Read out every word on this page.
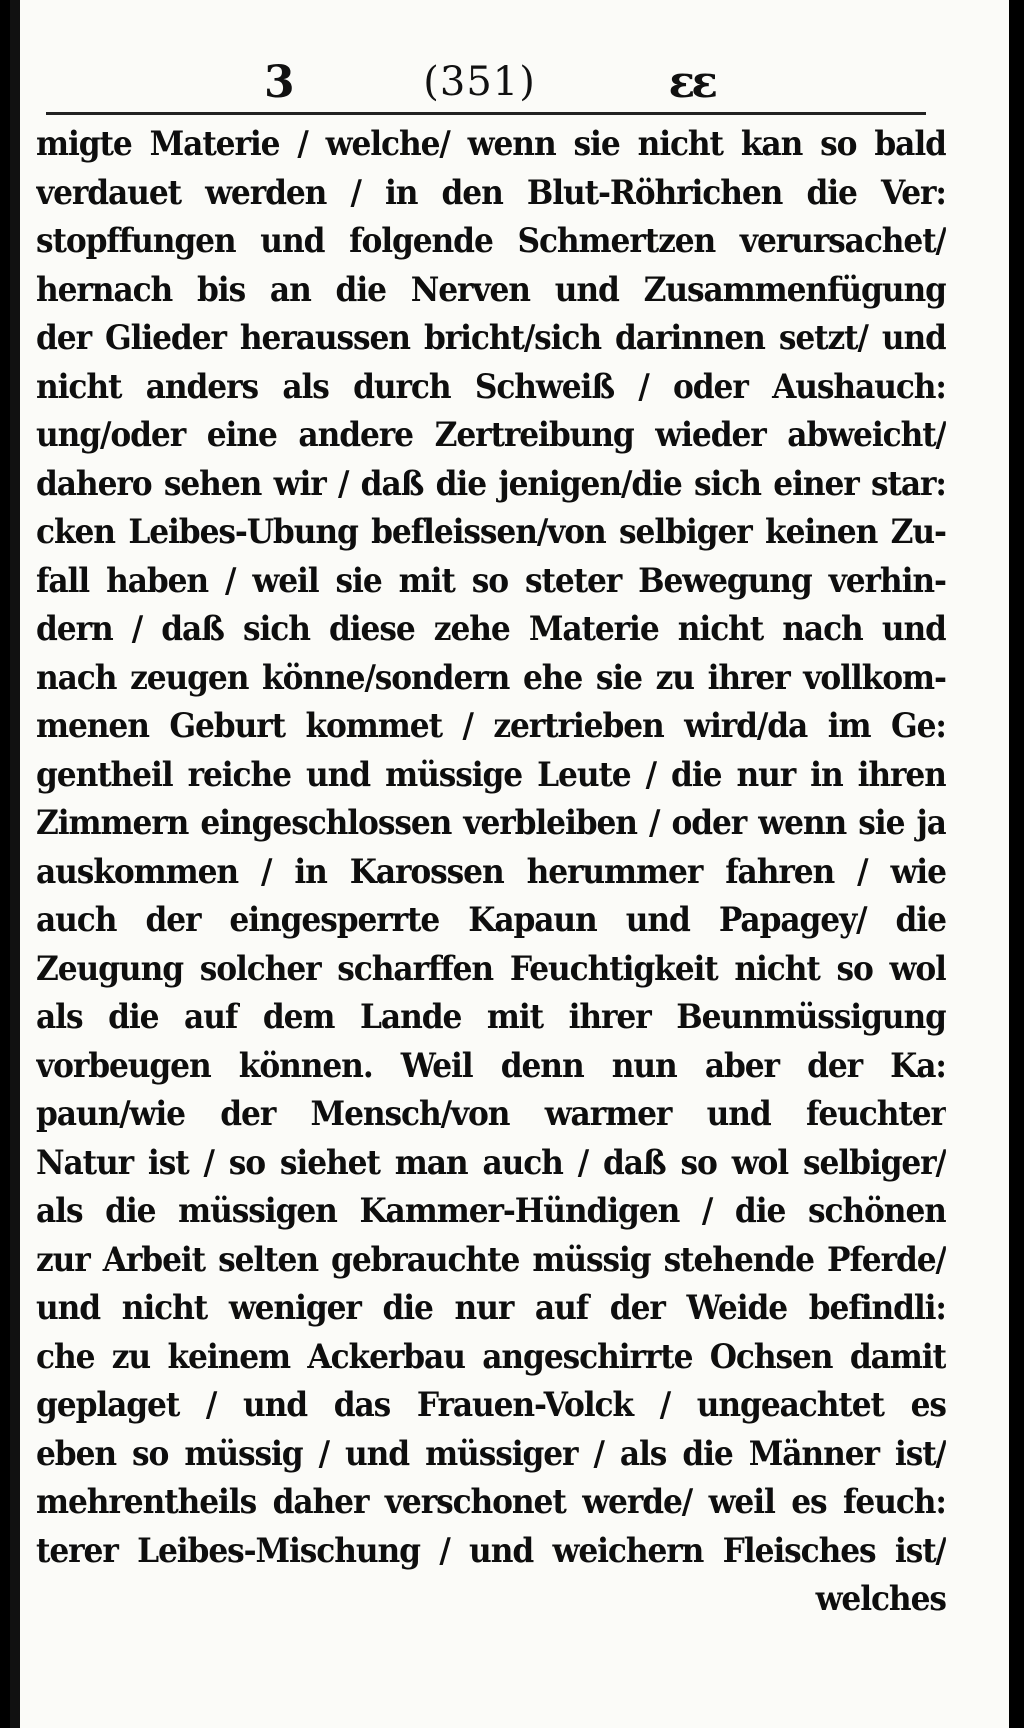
3	(351)	ɛɛ
migte Materie / welche/ wenn sie nicht kan so bald
verdauet werden / in den Blut-Röhrichen die Ver:
stopffungen und folgende Schmertzen verursachet/
hernach bis an die Nerven und Zusammenfügung
der Glieder heraussen bricht/sich darinnen setzt/ und
nicht anders als durch Schweiß / oder Aushauch:
ung/oder eine andere Zertreibung wieder abweicht/
dahero sehen wir / daß die jenigen/die sich einer star:
cken Leibes-Ubung befleissen/von selbiger keinen Zu-
fall haben / weil sie mit so steter Bewegung verhin-
dern / daß sich diese zehe Materie nicht nach und
nach zeugen könne/sondern ehe sie zu ihrer vollkom-
menen Geburt kommet / zertrieben wird/da im Ge:
gentheil reiche und müssige Leute / die nur in ihren
Zimmern eingeschlossen verbleiben / oder wenn sie ja
auskommen / in Karossen herummer fahren / wie
auch der eingesperrte Kapaun und Papagey/ die
Zeugung solcher scharffen Feuchtigkeit nicht so wol
als die auf dem Lande mit ihrer Beunmüssigung
vorbeugen können. Weil denn nun aber der Ka:
paun/wie der Mensch/von warmer und feuchter
Natur ist / so siehet man auch / daß so wol selbiger/
als die müssigen Kammer-Hündigen / die schönen
zur Arbeit selten gebrauchte müssig stehende Pferde/
und nicht weniger die nur auf der Weide befindli:
che zu keinem Ackerbau angeschirrte Ochsen damit
geplaget / und das Frauen-Volck / ungeachtet es
eben so müssig / und müssiger / als die Männer ist/
mehrentheils daher verschonet werde/ weil es feuch:
terer Leibes-Mischung / und weichern Fleisches ist/
welches
